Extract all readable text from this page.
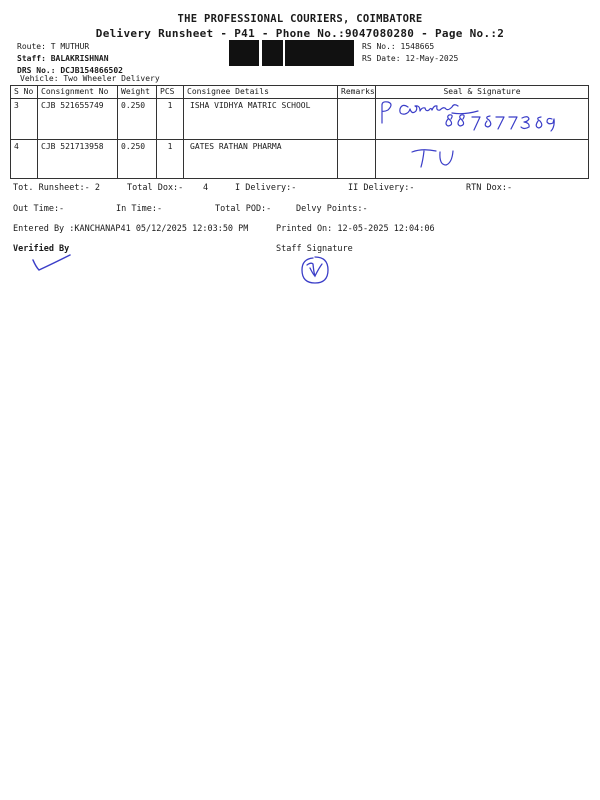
THE PROFESSIONAL COURIERS, COIMBATORE
Delivery Runsheet - P41 - Phone No.:9047080280 - Page No.:2
Route: T MUTHUR
Staff: BALAKRISHNAN
DRS No.: DCJB154866502
Vehicle: Two Wheeler Delivery
RS No.: 1548665
RS Date: 12-May-2025
S No	Consignment No	Weight	PCS	Consignee Details	Remarks	Seal & Signature
3	CJB 521655749	0.250	1	ISHA VIDHYA MATRIC SCHOOL		

4	CJB 521713958	0.250	1	GATES RATHAN PHARMA		
Tot. Runsheet:- 2	Total Dox:- 4	I Delivery:-	II Delivery:-	RTN Dox:-
Out Time:-	In Time:-	Total POD:-	Delvy Points:-
Entered By :KANCHANAP41 05/12/2025 12:03:50 PM	Printed On: 12-05-2025 12:04:06
Verified By	Staff Signature
